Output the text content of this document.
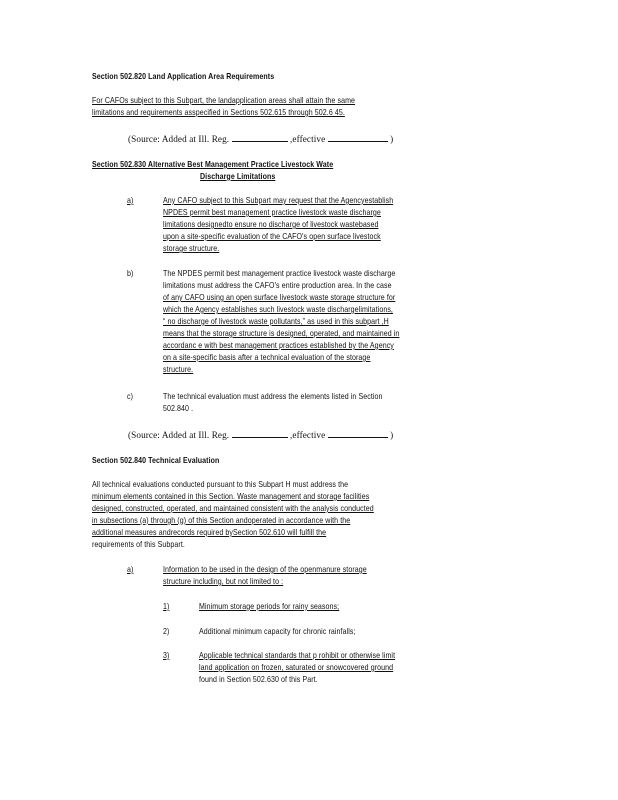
Section 502.820 Land Application Area Requirements
For CAFOs subject to this Subpart, the landapplication areas shall attain the same
limitations and requirements asspecified in Sections 502.615 through 502.6 45.
(Source: Added at Ill. Reg.	,effective	)
Section 502.830 Alternative Best Management Practice Livestock Wate
Discharge Limitations
a)	Any CAFO subject to this Subpart may request that the Agencyestablish
NPDES permit best management practice livestock waste discharge
limitations designedto ensure no discharge of livestock wastebased
upon a site-specific evaluation of the CAFO's open surface livestock
storage structure.
b)	The NPDES permit best management practice livestock waste discharge
limitations must address the CAFO's entire production area. In the case
of any CAFO using an open surface livestock waste storage structure for
which the Agency establishes such livestock waste dischargelimitations,
“ no discharge of livestock waste pollutants,” as used in this subpart ,H
means that the storage structure is designed, operated, and maintained in
accordanc e with best management practices established by the Agency
on a site-specific basis after a technical evaluation of the storage
structure.
c)	The technical evaluation must address the elements listed in Section
502.840 .
(Source: Added at Ill. Reg.	,effective	)
Section 502.840 Technical Evaluation
All technical evaluations conducted pursuant to this Subpart H must address the
minimum elements contained in this Section. Waste management and storage facilities
designed, constructed, operated, and maintained consistent with the analysis conducted
in subsections (a) through (g) of this Section andoperated in accordance with the
additional measures andrecords required bySection 502.610 will fulfill the
requirements of this Subpart.
a)	Information to be used in the design of the openmanure storage
structure including, but not limited to :
1)	Minimum storage periods for rainy seasons;
2)	Additional minimum capacity for chronic rainfalls;
3)	Applicable technical standards that p rohibit or otherwise limit
land application on frozen, saturated or snowcovered ground
found in Section 502.630 of this Part.
